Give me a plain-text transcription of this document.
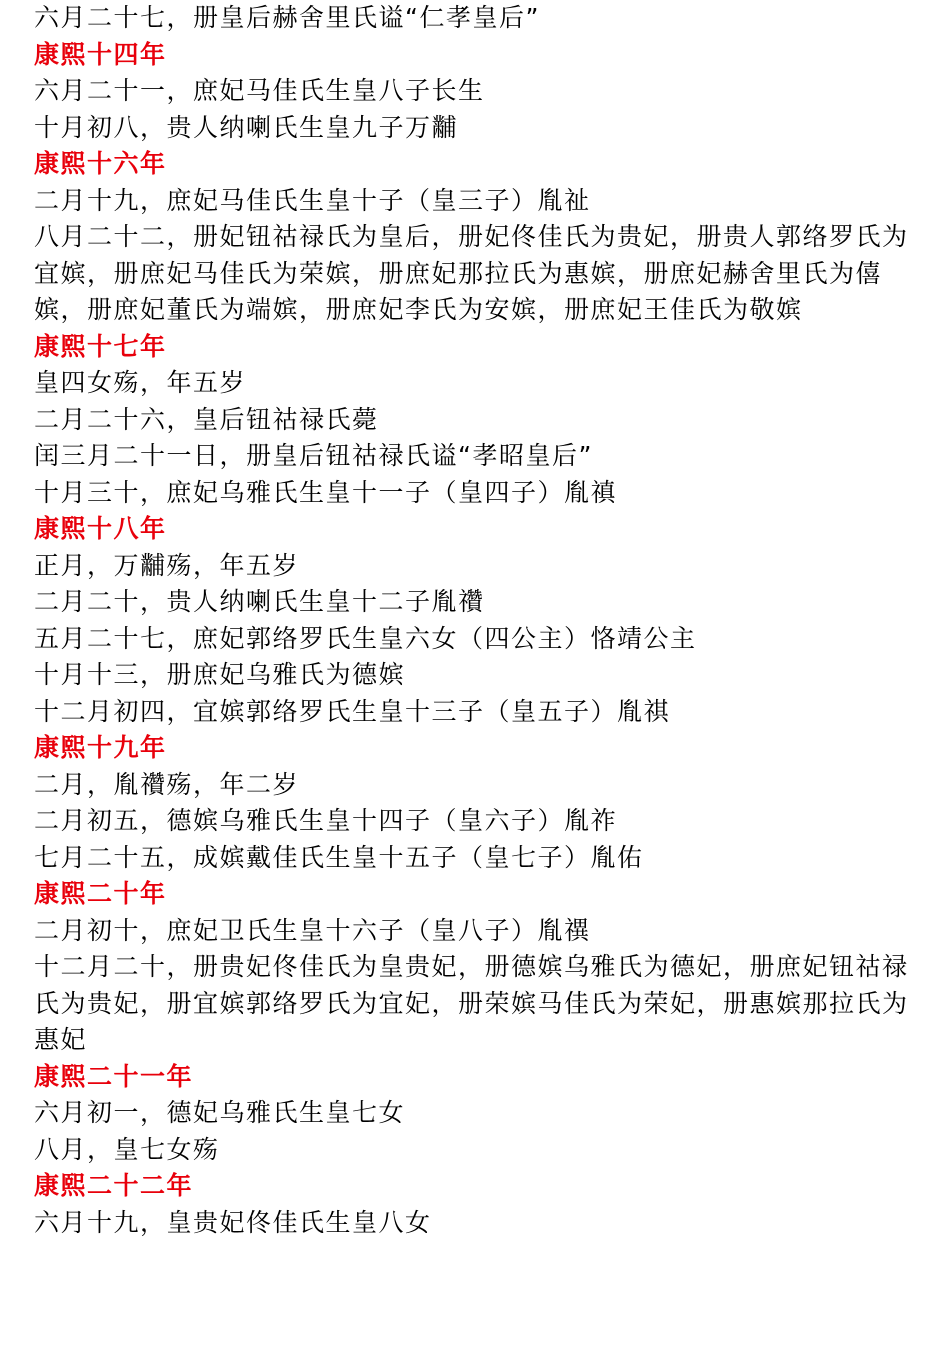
六月二十七，册皇后赫舍里氏谥“仁孝皇后”

康熙十四年

六月二十一，庶妃马佳氏生皇八子长生

十月初八，贵人纳喇氏生皇九子万黼

康熙十六年

二月十九，庶妃马佳氏生皇十子（皇三子）胤祉

八月二十二，册妃钮祜禄氏为皇后，册妃佟佳氏为贵妃，册贵人郭络罗氏为宜嫔，册庶妃马佳氏为荣嫔，册庶妃那拉氏为惠嫔，册庶妃赫舍里氏为僖嫔，册庶妃董氏为端嫔，册庶妃李氏为安嫔，册庶妃王佳氏为敬嫔

康熙十七年

皇四女殇，年五岁

二月二十六，皇后钮祜禄氏薨

闰三月二十一日，册皇后钮祜禄氏谥“孝昭皇后”

十月三十，庶妃乌雅氏生皇十一子（皇四子）胤禛

康熙十八年

正月，万黼殇，年五岁

二月二十，贵人纳喇氏生皇十二子胤禶

五月二十七，庶妃郭络罗氏生皇六女（四公主）恪靖公主

十月十三，册庶妃乌雅氏为德嫔

十二月初四，宜嫔郭络罗氏生皇十三子（皇五子）胤祺

康熙十九年

二月，胤禶殇，年二岁

二月初五，德嫔乌雅氏生皇十四子（皇六子）胤祚

七月二十五，成嫔戴佳氏生皇十五子（皇七子）胤佑

康熙二十年

二月初十，庶妃卫氏生皇十六子（皇八子）胤禩

十二月二十，册贵妃佟佳氏为皇贵妃，册德嫔乌雅氏为德妃，册庶妃钮祜禄氏为贵妃，册宜嫔郭络罗氏为宜妃，册荣嫔马佳氏为荣妃，册惠嫔那拉氏为惠妃

康熙二十一年

六月初一，德妃乌雅氏生皇七女

八月，皇七女殇

康熙二十二年

六月十九，皇贵妃佟佳氏生皇八女
